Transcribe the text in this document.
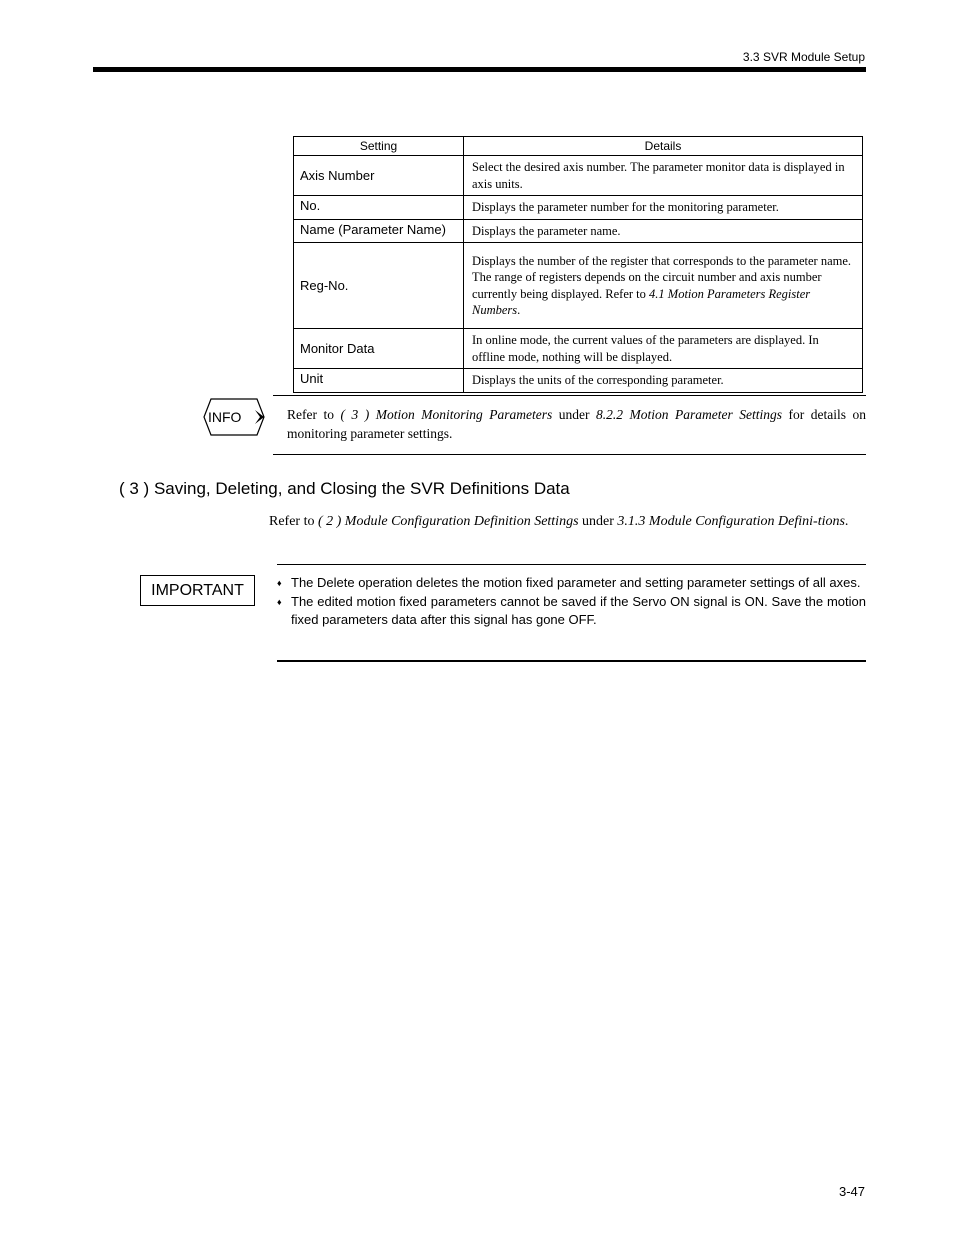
3.3 SVR Module Setup
Setting	Details
Axis Number	Select the desired axis number. The parameter monitor data is displayed in axis units.
No.	Displays the parameter number for the monitoring parameter.
Name (Parameter Name)	Displays the parameter name.
Reg-No.	Displays the number of the register that corresponds to the parameter name.
The range of registers depends on the circuit number and axis number currently being displayed. Refer to 4.1 Motion Parameters Register Numbers.
Monitor Data	In online mode, the current values of the parameters are displayed. In offline mode, nothing will be displayed.
Unit	Displays the units of the corresponding parameter.
INFO	Refer to ( 3 ) Motion Monitoring Parameters under 8.2.2 Motion Parameter Settings for details on monitoring parameter settings.
( 3 ) Saving, Deleting, and Closing the SVR Definitions Data
Refer to ( 2 ) Module Configuration Definition Settings under 3.1.3 Module Configuration Defini-tions.
IMPORTANT	♦ The Delete operation deletes the motion fixed parameter and setting parameter settings of all axes.
♦ The edited motion fixed parameters cannot be saved if the Servo ON signal is ON. Save the motion fixed parameters data after this signal has gone OFF.
3-47
